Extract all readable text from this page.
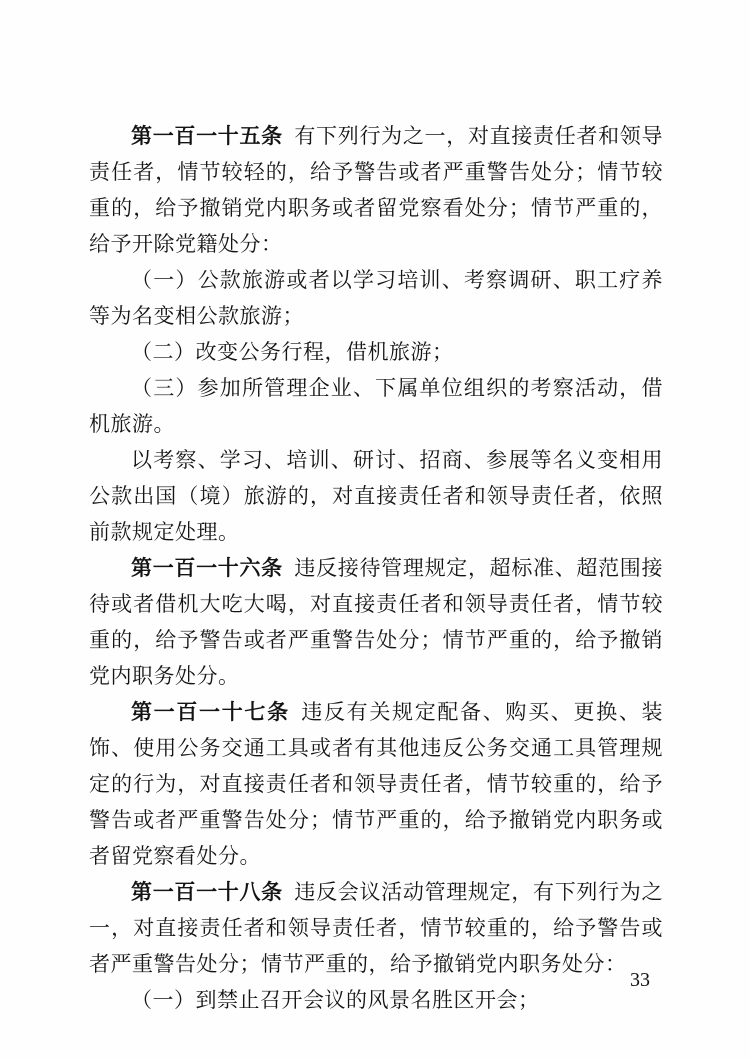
第一百一十五条 有下列行为之一，对直接责任者和领导责任者，情节较轻的，给予警告或者严重警告处分；情节较重的，给予撤销党内职务或者留党察看处分；情节严重的，给予开除党籍处分：

（一）公款旅游或者以学习培训、考察调研、职工疗养等为名变相公款旅游；

（二）改变公务行程，借机旅游；

（三）参加所管理企业、下属单位组织的考察活动，借机旅游。

以考察、学习、培训、研讨、招商、参展等名义变相用公款出国（境）旅游的，对直接责任者和领导责任者，依照前款规定处理。

第一百一十六条 违反接待管理规定，超标准、超范围接待或者借机大吃大喝，对直接责任者和领导责任者，情节较重的，给予警告或者严重警告处分；情节严重的，给予撤销党内职务处分。

第一百一十七条 违反有关规定配备、购买、更换、装饰、使用公务交通工具或者有其他违反公务交通工具管理规定的行为，对直接责任者和领导责任者，情节较重的，给予警告或者严重警告处分；情节严重的，给予撤销党内职务或者留党察看处分。

第一百一十八条 违反会议活动管理规定，有下列行为之一，对直接责任者和领导责任者，情节较重的，给予警告或者严重警告处分；情节严重的，给予撤销党内职务处分：

（一）到禁止召开会议的风景名胜区开会；

33
